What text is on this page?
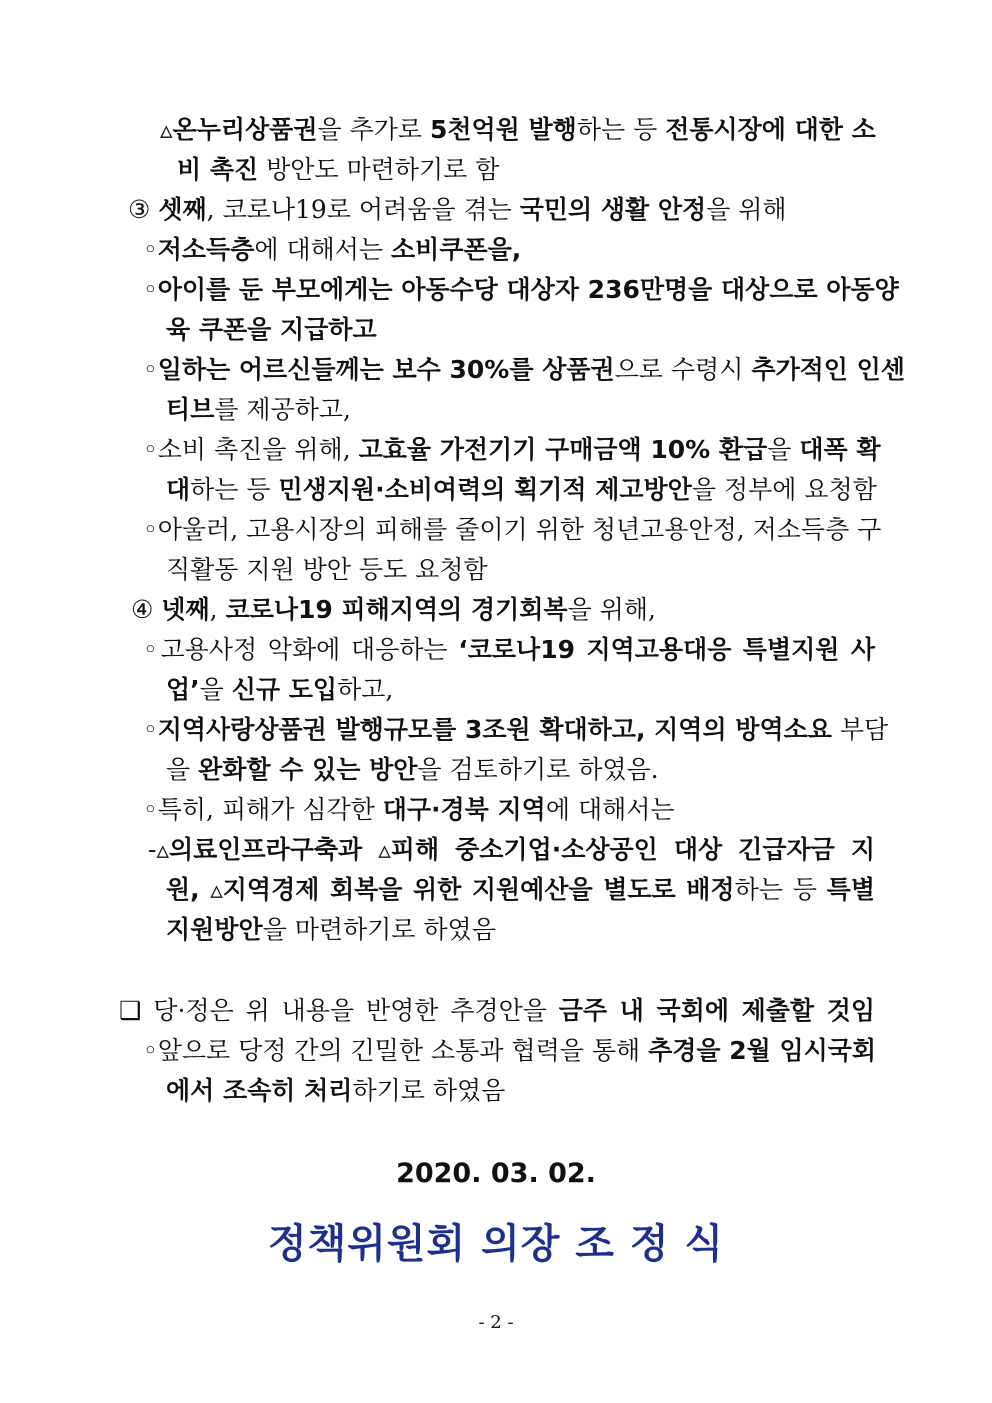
▵온누리상품권을 추가로 5천억원 발행하는 등 전통시장에 대한 소
비 촉진 방안도 마련하기로 함
③ 셋째, 코로나19로 어려움을 겪는 국민의 생활 안정을 위해
◦저소득층에 대해서는 소비쿠폰을,
◦아이를 둔 부모에게는 아동수당 대상자 236만명을 대상으로 아동양
육 쿠폰을 지급하고
◦일하는 어르신들께는 보수 30%를 상품권으로 수령시 추가적인 인센
티브를 제공하고,
◦소비 촉진을 위해, 고효율 가전기기 구매금액 10% 환급을 대폭 확
대하는 등 민생지원·소비여력의 획기적 제고방안을 정부에 요청함
◦아울러, 고용시장의 피해를 줄이기 위한 청년고용안정, 저소득층 구
직활동 지원 방안 등도 요청함
④ 넷째, 코로나19 피해지역의 경기회복을 위해,
◦고용사정 악화에 대응하는 ‘코로나19 지역고용대응 특별지원 사
업’을 신규 도입하고,
◦지역사랑상품권 발행규모를 3조원 확대하고, 지역의 방역소요 부담
을 완화할 수 있는 방안을 검토하기로 하였음.
◦특히, 피해가 심각한 대구·경북 지역에 대해서는
-▵의료인프라구축과 ▵피해 중소기업·소상공인 대상 긴급자금 지
원, ▵지역경제 회복을 위한 지원예산을 별도로 배정하는 등 특별
지원방안을 마련하기로 하였음
❑ 당·정은 위 내용을 반영한 추경안을 금주 내 국회에 제출할 것임
◦앞으로 당정 간의 긴밀한 소통과 협력을 통해 추경을 2월 임시국회
에서 조속히 처리하기로 하였음
2020. 03. 02.
정책위원회 의장 조 정 식
- 2 -
